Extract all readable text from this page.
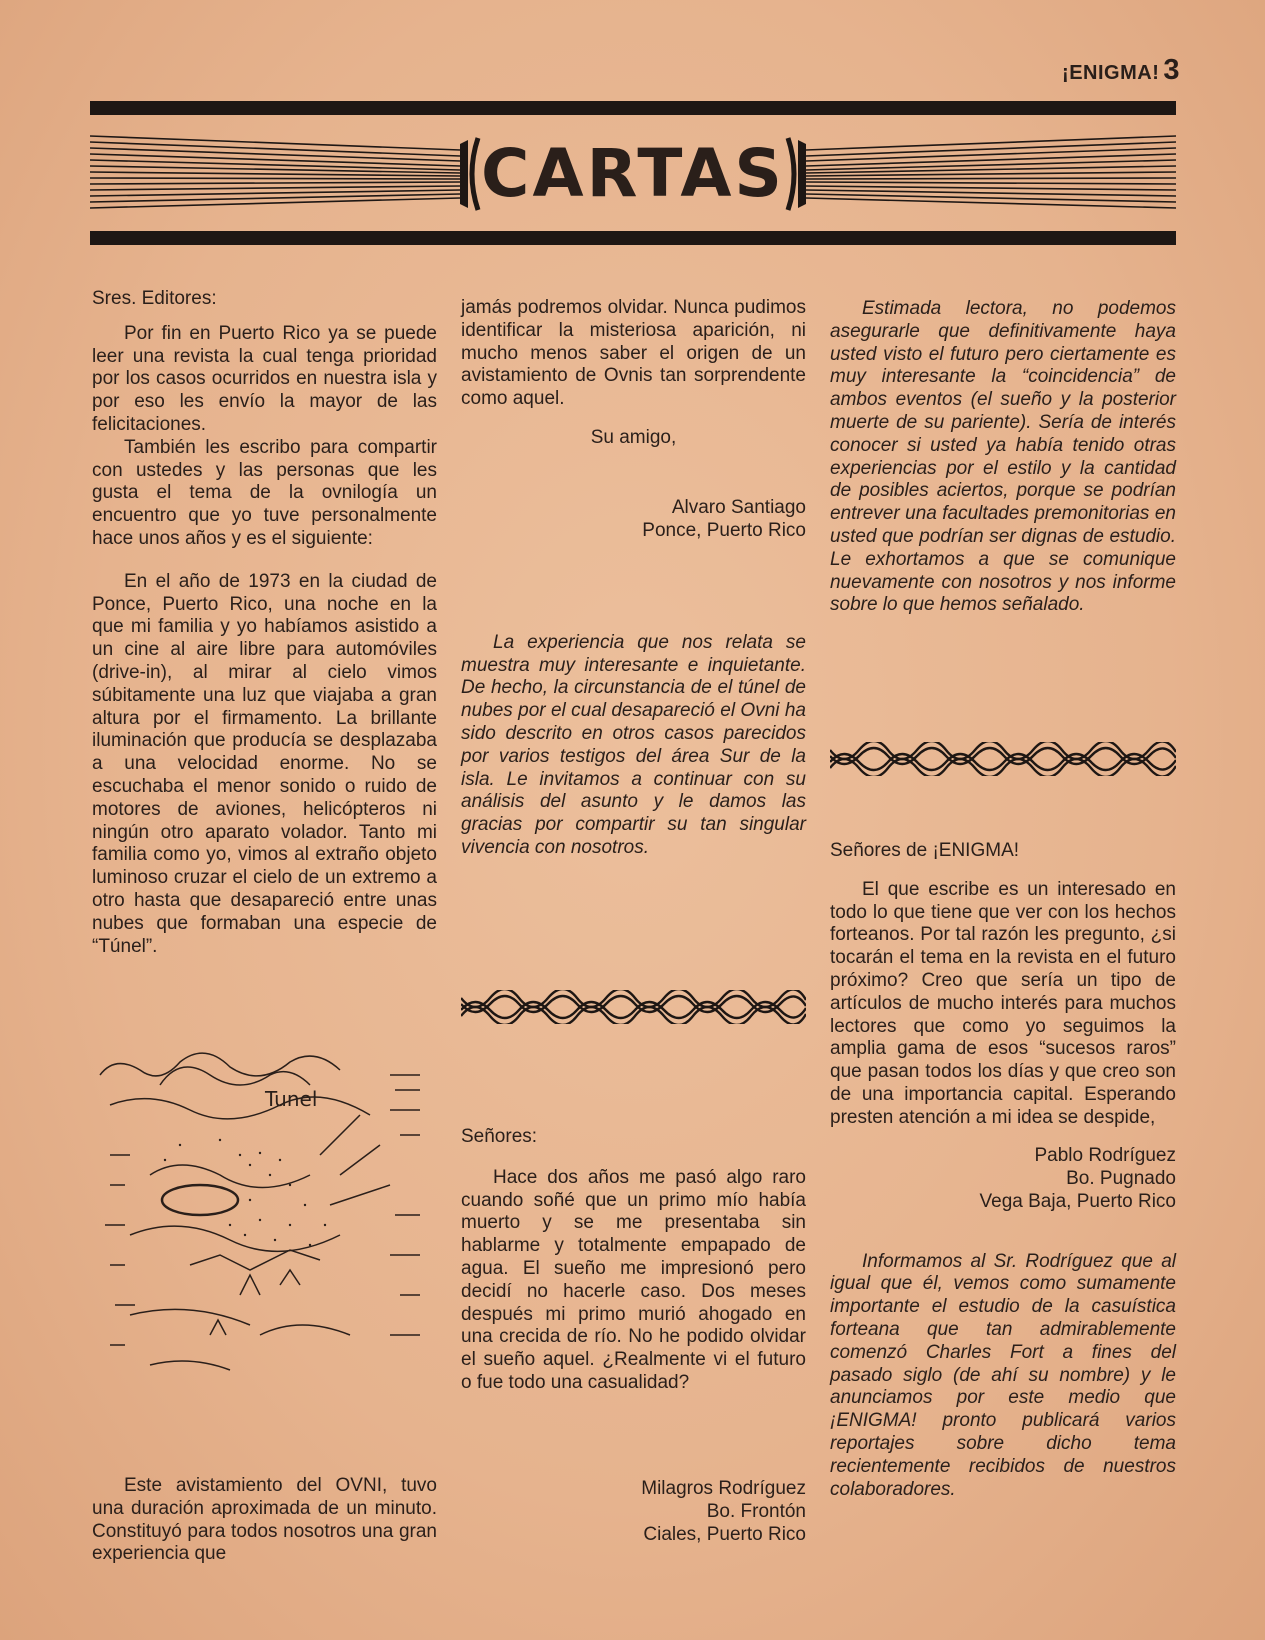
¡ENIGMA! 3
CARTAS

Sres. Editores:

Por fin en Puerto Rico ya se puede leer una revista la cual tenga prioridad por los casos ocurridos en nuestra isla y por eso les envío la mayor de las felicitaciones.

También les escribo para compartir con ustedes y las personas que les gusta el tema de la ovnilogía un encuentro que yo tuve personalmente hace unos años y es el siguiente:

En el año de 1973 en la ciudad de Ponce, Puerto Rico, una noche en la que mi familia y yo habíamos asistido a un cine al aire libre para automóviles (drive-in), al mirar al cielo vimos súbitamente una luz que viajaba a gran altura por el firmamento. La brillante iluminación que producía se desplazaba a una velocidad enorme. No se escuchaba el menor sonido o ruido de motores de aviones, helicópteros ni ningún otro aparato volador. Tanto mi familia como yo, vimos al extraño objeto luminoso cruzar el cielo de un extremo a otro hasta que desapareció entre unas nubes que formaban una especie de “Túnel”.

Tunel

Este avistamiento del OVNI, tuvo una duración aproximada de un minuto. Constituyó para todos nosotros una gran experiencia que

jamás podremos olvidar. Nunca pudimos identificar la misteriosa aparición, ni mucho menos saber el origen de un avistamiento de Ovnis tan sorprendente como aquel.

Su amigo,

Alvaro Santiago
Ponce, Puerto Rico

La experiencia que nos relata se muestra muy interesante e inquietante. De hecho, la circunstancia de el túnel de nubes por el cual desapareció el Ovni ha sido descrito en otros casos parecidos por varios testigos del área Sur de la isla. Le invitamos a continuar con su análisis del asunto y le damos las gracias por compartir su tan singular vivencia con nosotros.

Señores:

Hace dos años me pasó algo raro cuando soñé que un primo mío había muerto y se me presentaba sin hablarme y totalmente empapado de agua. El sueño me impresionó pero decidí no hacerle caso. Dos meses después mi primo murió ahogado en una crecida de río. No he podido olvidar el sueño aquel. ¿Realmente vi el futuro o fue todo una casualidad?

Milagros Rodríguez
Bo. Frontón
Ciales, Puerto Rico

Estimada lectora, no podemos asegurarle que definitivamente haya usted visto el futuro pero ciertamente es muy interesante la “coincidencia” de ambos eventos (el sueño y la posterior muerte de su pariente). Sería de interés conocer si usted ya había tenido otras experiencias por el estilo y la cantidad de posibles aciertos, porque se podrían entrever una facultades premonitorias en usted que podrían ser dignas de estudio. Le exhortamos a que se comunique nuevamente con nosotros y nos informe sobre lo que hemos señalado.

Señores de ¡ENIGMA!

El que escribe es un interesado en todo lo que tiene que ver con los hechos forteanos. Por tal razón les pregunto, ¿si tocarán el tema en la revista en el futuro próximo? Creo que sería un tipo de artículos de mucho interés para muchos lectores que como yo seguimos la amplia gama de esos “sucesos raros” que pasan todos los días y que creo son de una importancia capital. Esperando presten atención a mi idea se despide,

Pablo Rodríguez
Bo. Pugnado
Vega Baja, Puerto Rico

Informamos al Sr. Rodríguez que al igual que él, vemos como sumamente importante el estudio de la casuística forteana que tan admirablemente comenzó Charles Fort a fines del pasado siglo (de ahí su nombre) y le anunciamos por este medio que ¡ENIGMA! pronto publicará varios reportajes sobre dicho tema recientemente recibidos de nuestros colaboradores.
